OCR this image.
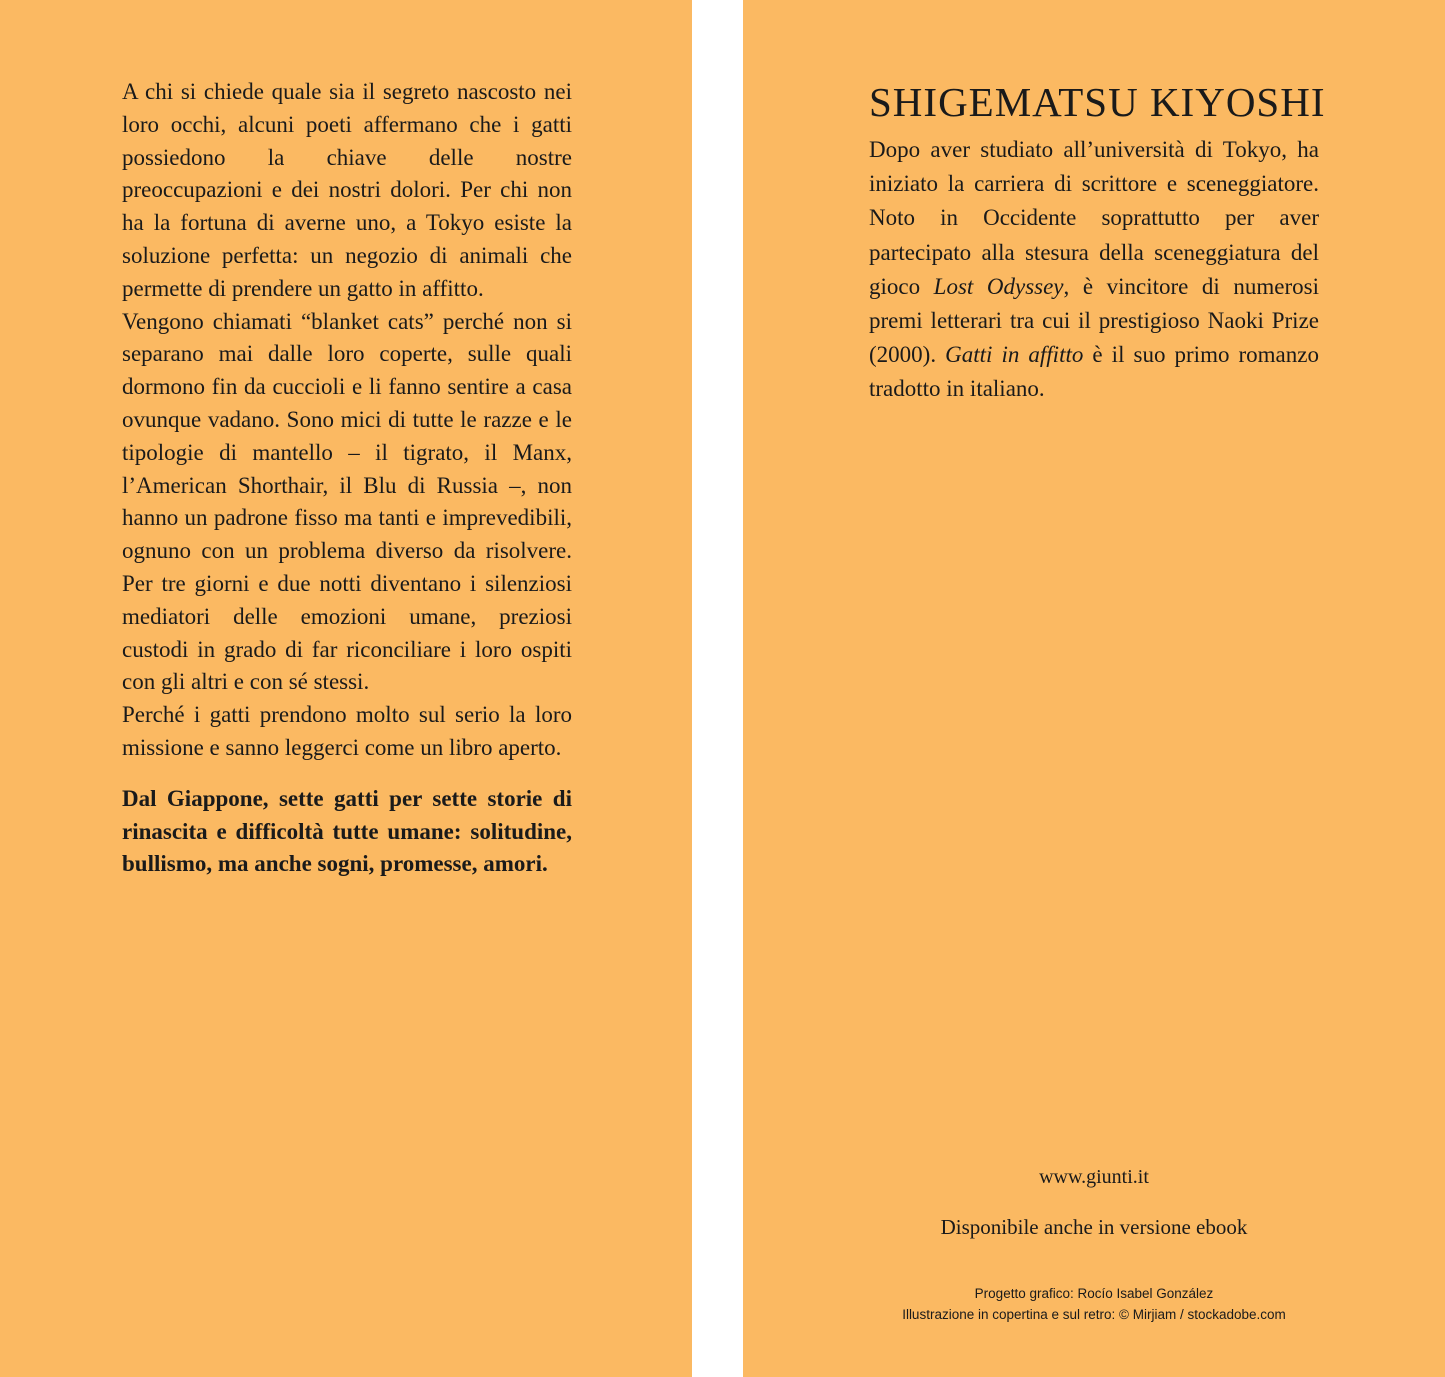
A chi si chiede quale sia il segreto nascosto nei loro occhi, alcuni poeti affermano che i gatti possiedono la chiave delle nostre preoccupazioni e dei nostri dolori. Per chi non ha la fortuna di averne uno, a Tokyo esiste la soluzione perfetta: un negozio di animali che permette di prendere un gatto in affitto.

Vengono chiamati “blanket cats” perché non si separano mai dalle loro coperte, sulle quali dormono fin da cuccioli e li fanno sentire a casa ovunque vadano. Sono mici di tutte le razze e le tipologie di mantello – il tigrato, il Manx, l’American Shorthair, il Blu di Russia –, non hanno un padrone fisso ma tanti e imprevedibili, ognuno con un problema diverso da risolvere. Per tre giorni e due notti diventano i silenziosi mediatori delle emozioni umane, preziosi custodi in grado di far riconciliare i loro ospiti con gli altri e con sé stessi.

Perché i gatti prendono molto sul serio la loro missione e sanno leggerci come un libro aperto.

Dal Giappone, sette gatti per sette storie di rinascita e difficoltà tutte umane: solitudine, bullismo, ma anche sogni, promesse, amori.

SHIGEMATSU KIYOSHI

Dopo aver studiato all’università di Tokyo, ha iniziato la carriera di scrittore e sceneggiatore. Noto in Occidente soprattutto per aver partecipato alla stesura della sceneggiatura del gioco Lost Odyssey, è vincitore di numerosi premi letterari tra cui il prestigioso Naoki Prize (2000). Gatti in affitto è il suo primo romanzo tradotto in italiano.

www.giunti.it
Disponibile anche in versione ebook
Progetto grafico: Rocío Isabel González
Illustrazione in copertina e sul retro: © Mirjiam / stockadobe.com
